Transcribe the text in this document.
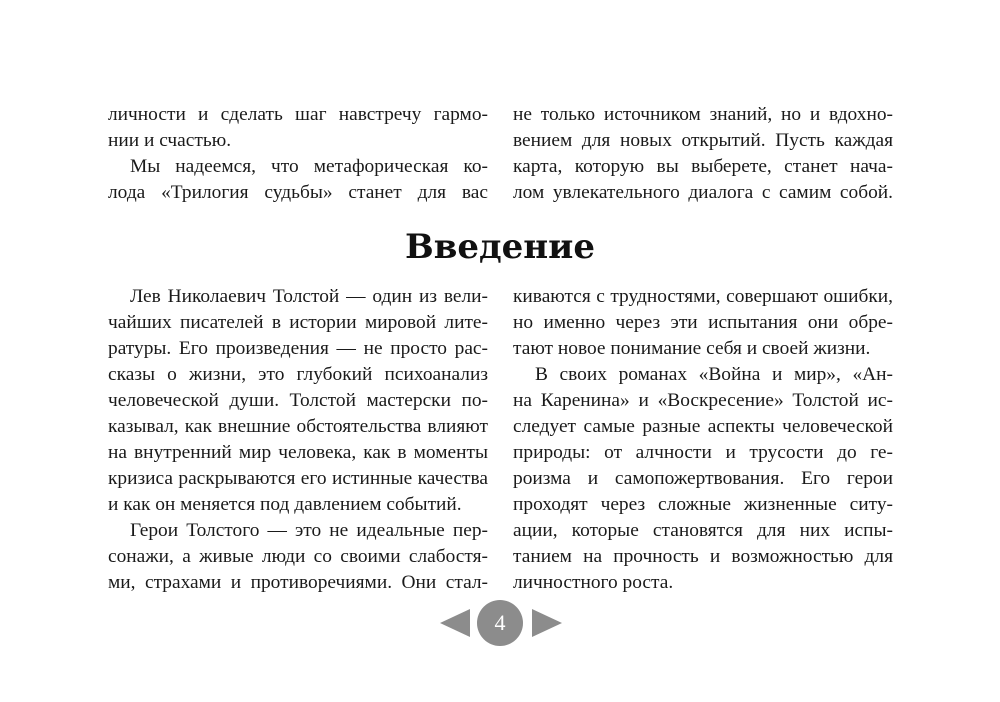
личности и сделать шаг навстречу гармо-
нии и счастью.
Мы надеемся, что метафорическая ко-
лода «Трилогия судьбы» станет для вас
не только источником знаний, но и вдохно-
вением для новых открытий. Пусть каждая
карта, которую вы выберете, станет нача-
лом увлекательного диалога с самим собой.
Введение
Лев Николаевич Толстой — один из вели-
чайших писателей в истории мировой лите-
ратуры. Его произведения — не просто рас-
сказы о жизни, это глубокий психоанализ
человеческой души. Толстой мастерски по-
казывал, как внешние обстоятельства влияют
на внутренний мир человека, как в моменты
кризиса раскрываются его истинные качества
и как он меняется под давлением событий.
Герои Толстого — это не идеальные пер-
сонажи, а живые люди со своими слабостя-
ми, страхами и противоречиями. Они стал-
киваются с трудностями, совершают ошибки,
но именно через эти испытания они обре-
тают новое понимание себя и своей жизни.
В своих романах «Война и мир», «Ан-
на Каренина» и «Воскресение» Толстой ис-
следует самые разные аспекты человеческой
природы: от алчности и трусости до ге-
роизма и самопожертвования. Его герои
проходят через сложные жизненные ситу-
ации, которые становятся для них испы-
танием на прочность и возможностью для
личностного роста.
4
